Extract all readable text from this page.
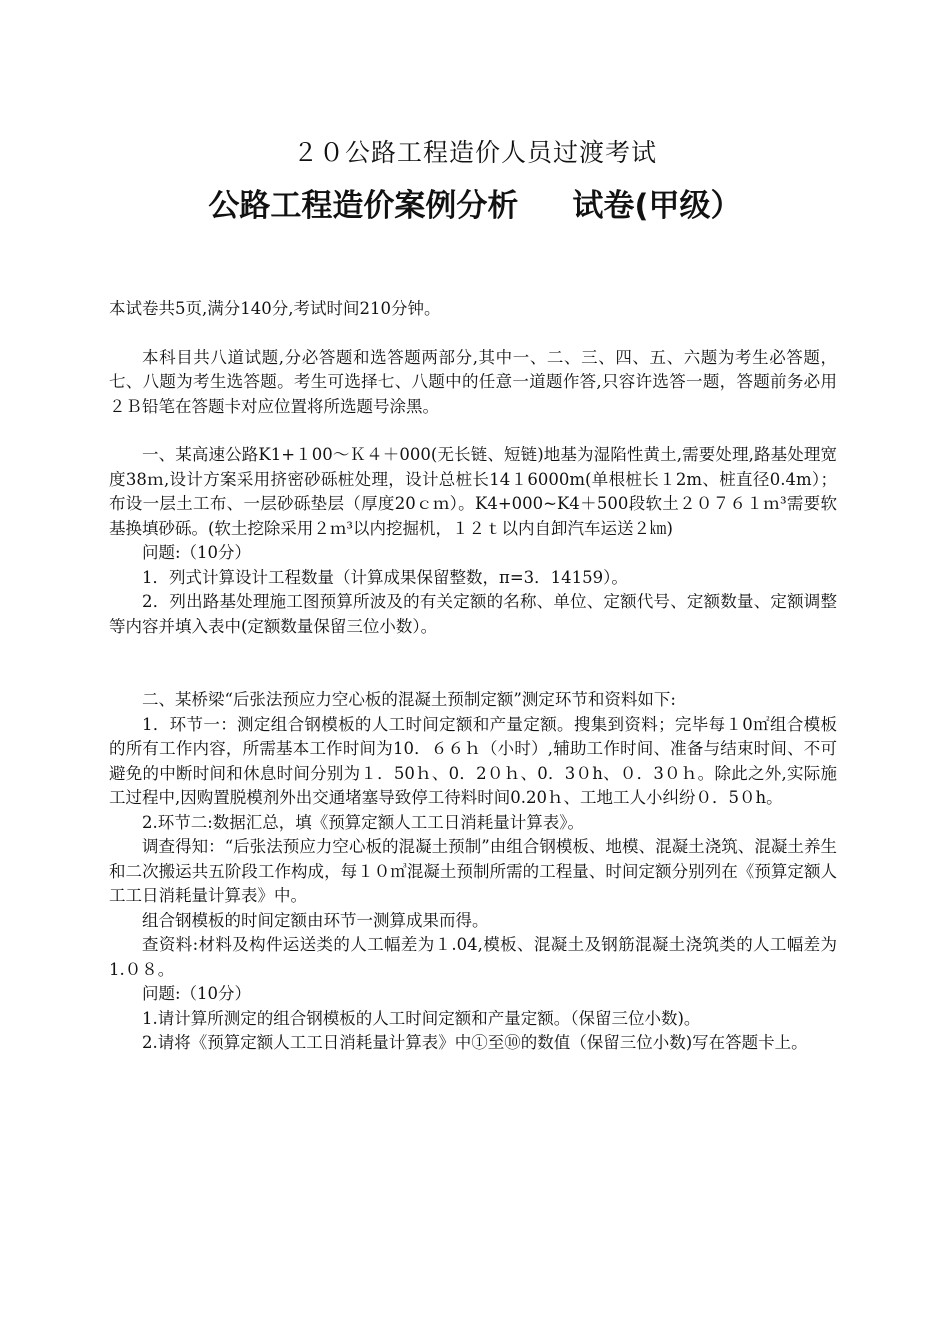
２０公路工程造价人员过渡考试
公路工程造价案例分析     试卷(甲级）

本试卷共5页,满分140分,考试时间210分钟。

本科目共八道试题,分必答题和选答题两部分,其中一、二、三、四、五、六题为考生必答题，七、八题为考生选答题。考生可选择七、八题中的任意一道题作答,只容许选答一题，答题前务必用２Ｂ铅笔在答题卡对应位置将所选题号涂黑。

一、某高速公路K1+１00～Ｋ４＋000(无长链、短链)地基为湿陷性黄土,需要处理,路基处理宽度38ｍ,设计方案采用挤密砂砾桩处理，设计总桩长14１6000m(单根桩长１2m、桩直径0.4m）；布设一层土工布、一层砂砾垫层（厚度20ｃｍ）。K4+000~K4＋500段软土２０７６１ｍ³需要软基换填砂砾。(软土挖除采用２ｍ³以内挖掘机，１２ｔ以内自卸汽车运送２㎞)

问题:（10分）

1．列式计算设计工程数量（计算成果保留整数，π=3．14159）。

2．列出路基处理施工图预算所波及的有关定额的名称、单位、定额代号、定额数量、定额调整等内容并填入表中(定额数量保留三位小数）。

二、某桥梁“后张法预应力空心板的混凝土预制定额”测定环节和资料如下:

1．环节一：测定组合钢模板的人工时间定额和产量定额。搜集到资料；完毕每１0㎡组合模板的所有工作内容，所需基本工作时间为10．６６ｈ（小时）,辅助工作时间、准备与结束时间、不可避免的中断时间和休息时间分别为１．50ｈ、0．2０ｈ、0．3０h、０．3０ｈ。除此之外,实际施工过程中,因购置脱模剂外出交通堵塞导致停工待料时间0.20ｈ、工地工人小纠纷０．5０h。

2.环节二:数据汇总，填《预算定额人工工日消耗量计算表》。

调查得知：“后张法预应力空心板的混凝土预制”由组合钢模板、地模、混凝土浇筑、混凝土养生和二次搬运共五阶段工作构成，每１０㎥混凝土预制所需的工程量、时间定额分别列在《预算定额人工工日消耗量计算表》中。

组合钢模板的时间定额由环节一测算成果而得。

查资料:材料及构件运送类的人工幅差为１.04,模板、混凝土及钢筋混凝土浇筑类的人工幅差为1.０８。

问题:（10分）

1.请计算所测定的组合钢模板的人工时间定额和产量定额。（保留三位小数)。

2.请将《预算定额人工工日消耗量计算表》中①至⑩的数值（保留三位小数)写在答题卡上。
